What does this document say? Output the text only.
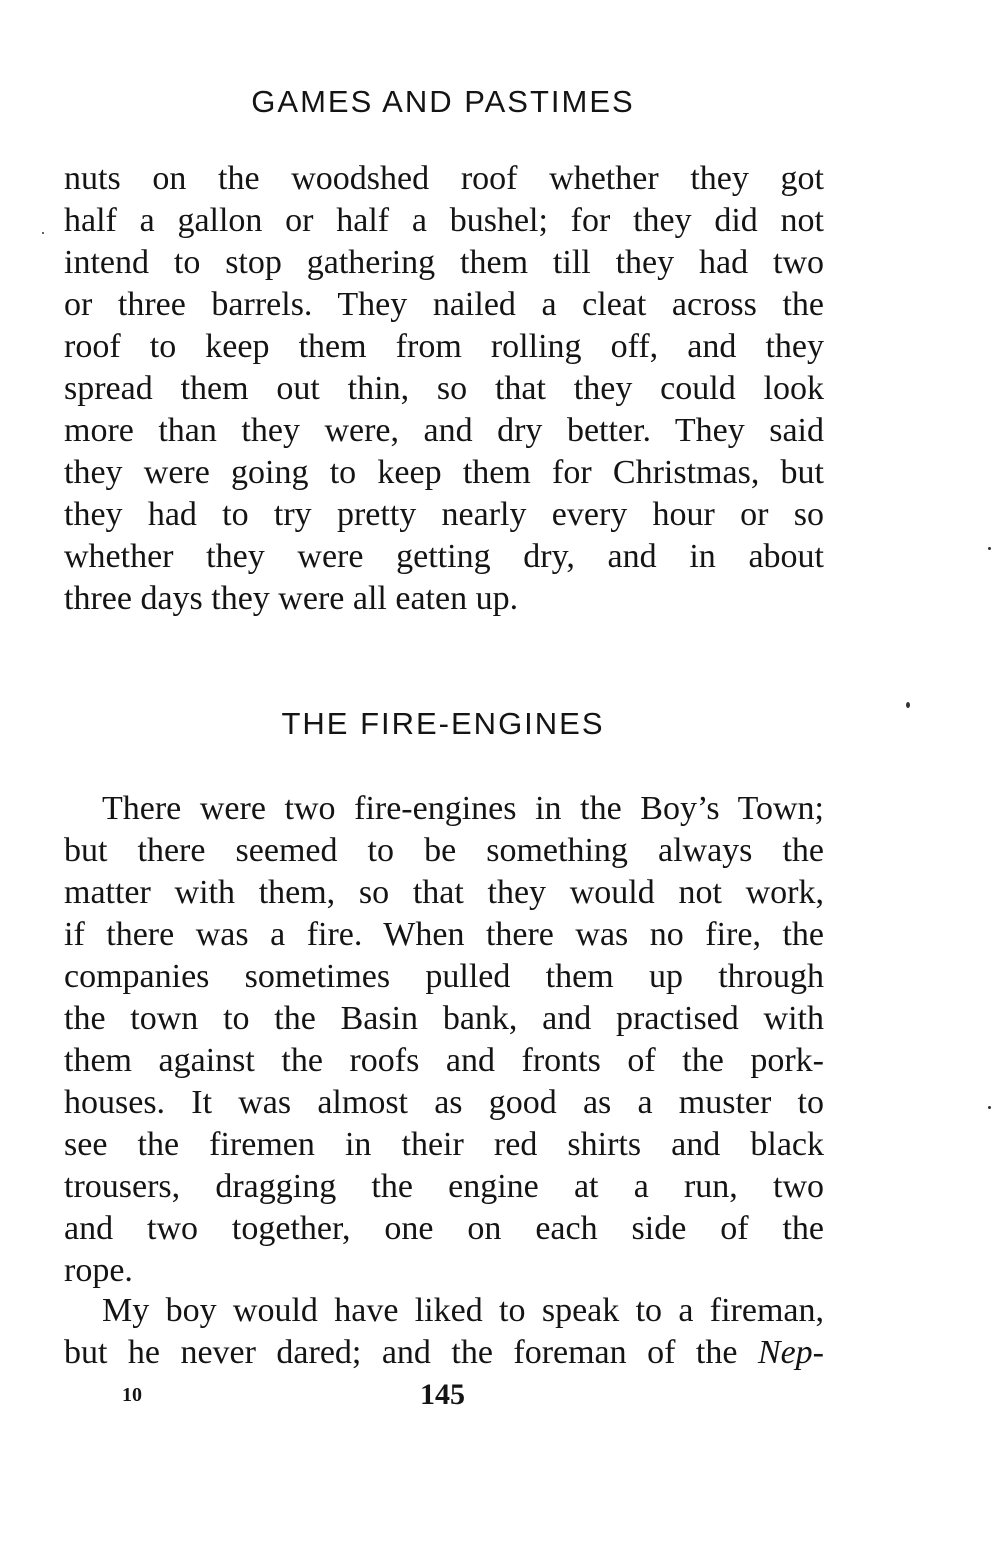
GAMES AND PASTIMES
nuts on the woodshed roof whether they got
half a gallon or half a bushel; for they did not
intend to stop gathering them till they had two
or three barrels. They nailed a cleat across the
roof to keep them from rolling off, and they
spread them out thin, so that they could look
more than they were, and dry better. They said
they were going to keep them for Christmas, but
they had to try pretty nearly every hour or so
whether they were getting dry, and in about
three days they were all eaten up.
THE FIRE-ENGINES
There were two fire-engines in the Boy’s Town;
but there seemed to be something always the
matter with them, so that they would not work,
if there was a fire. When there was no fire, the
companies sometimes pulled them up through
the town to the Basin bank, and practised with
them against the roofs and fronts of the pork-
houses. It was almost as good as a muster to
see the firemen in their red shirts and black
trousers, dragging the engine at a run, two
and two together, one on each side of the
rope.
My boy would have liked to speak to a fireman,
but he never dared; and the foreman of the Nep-
10	145
